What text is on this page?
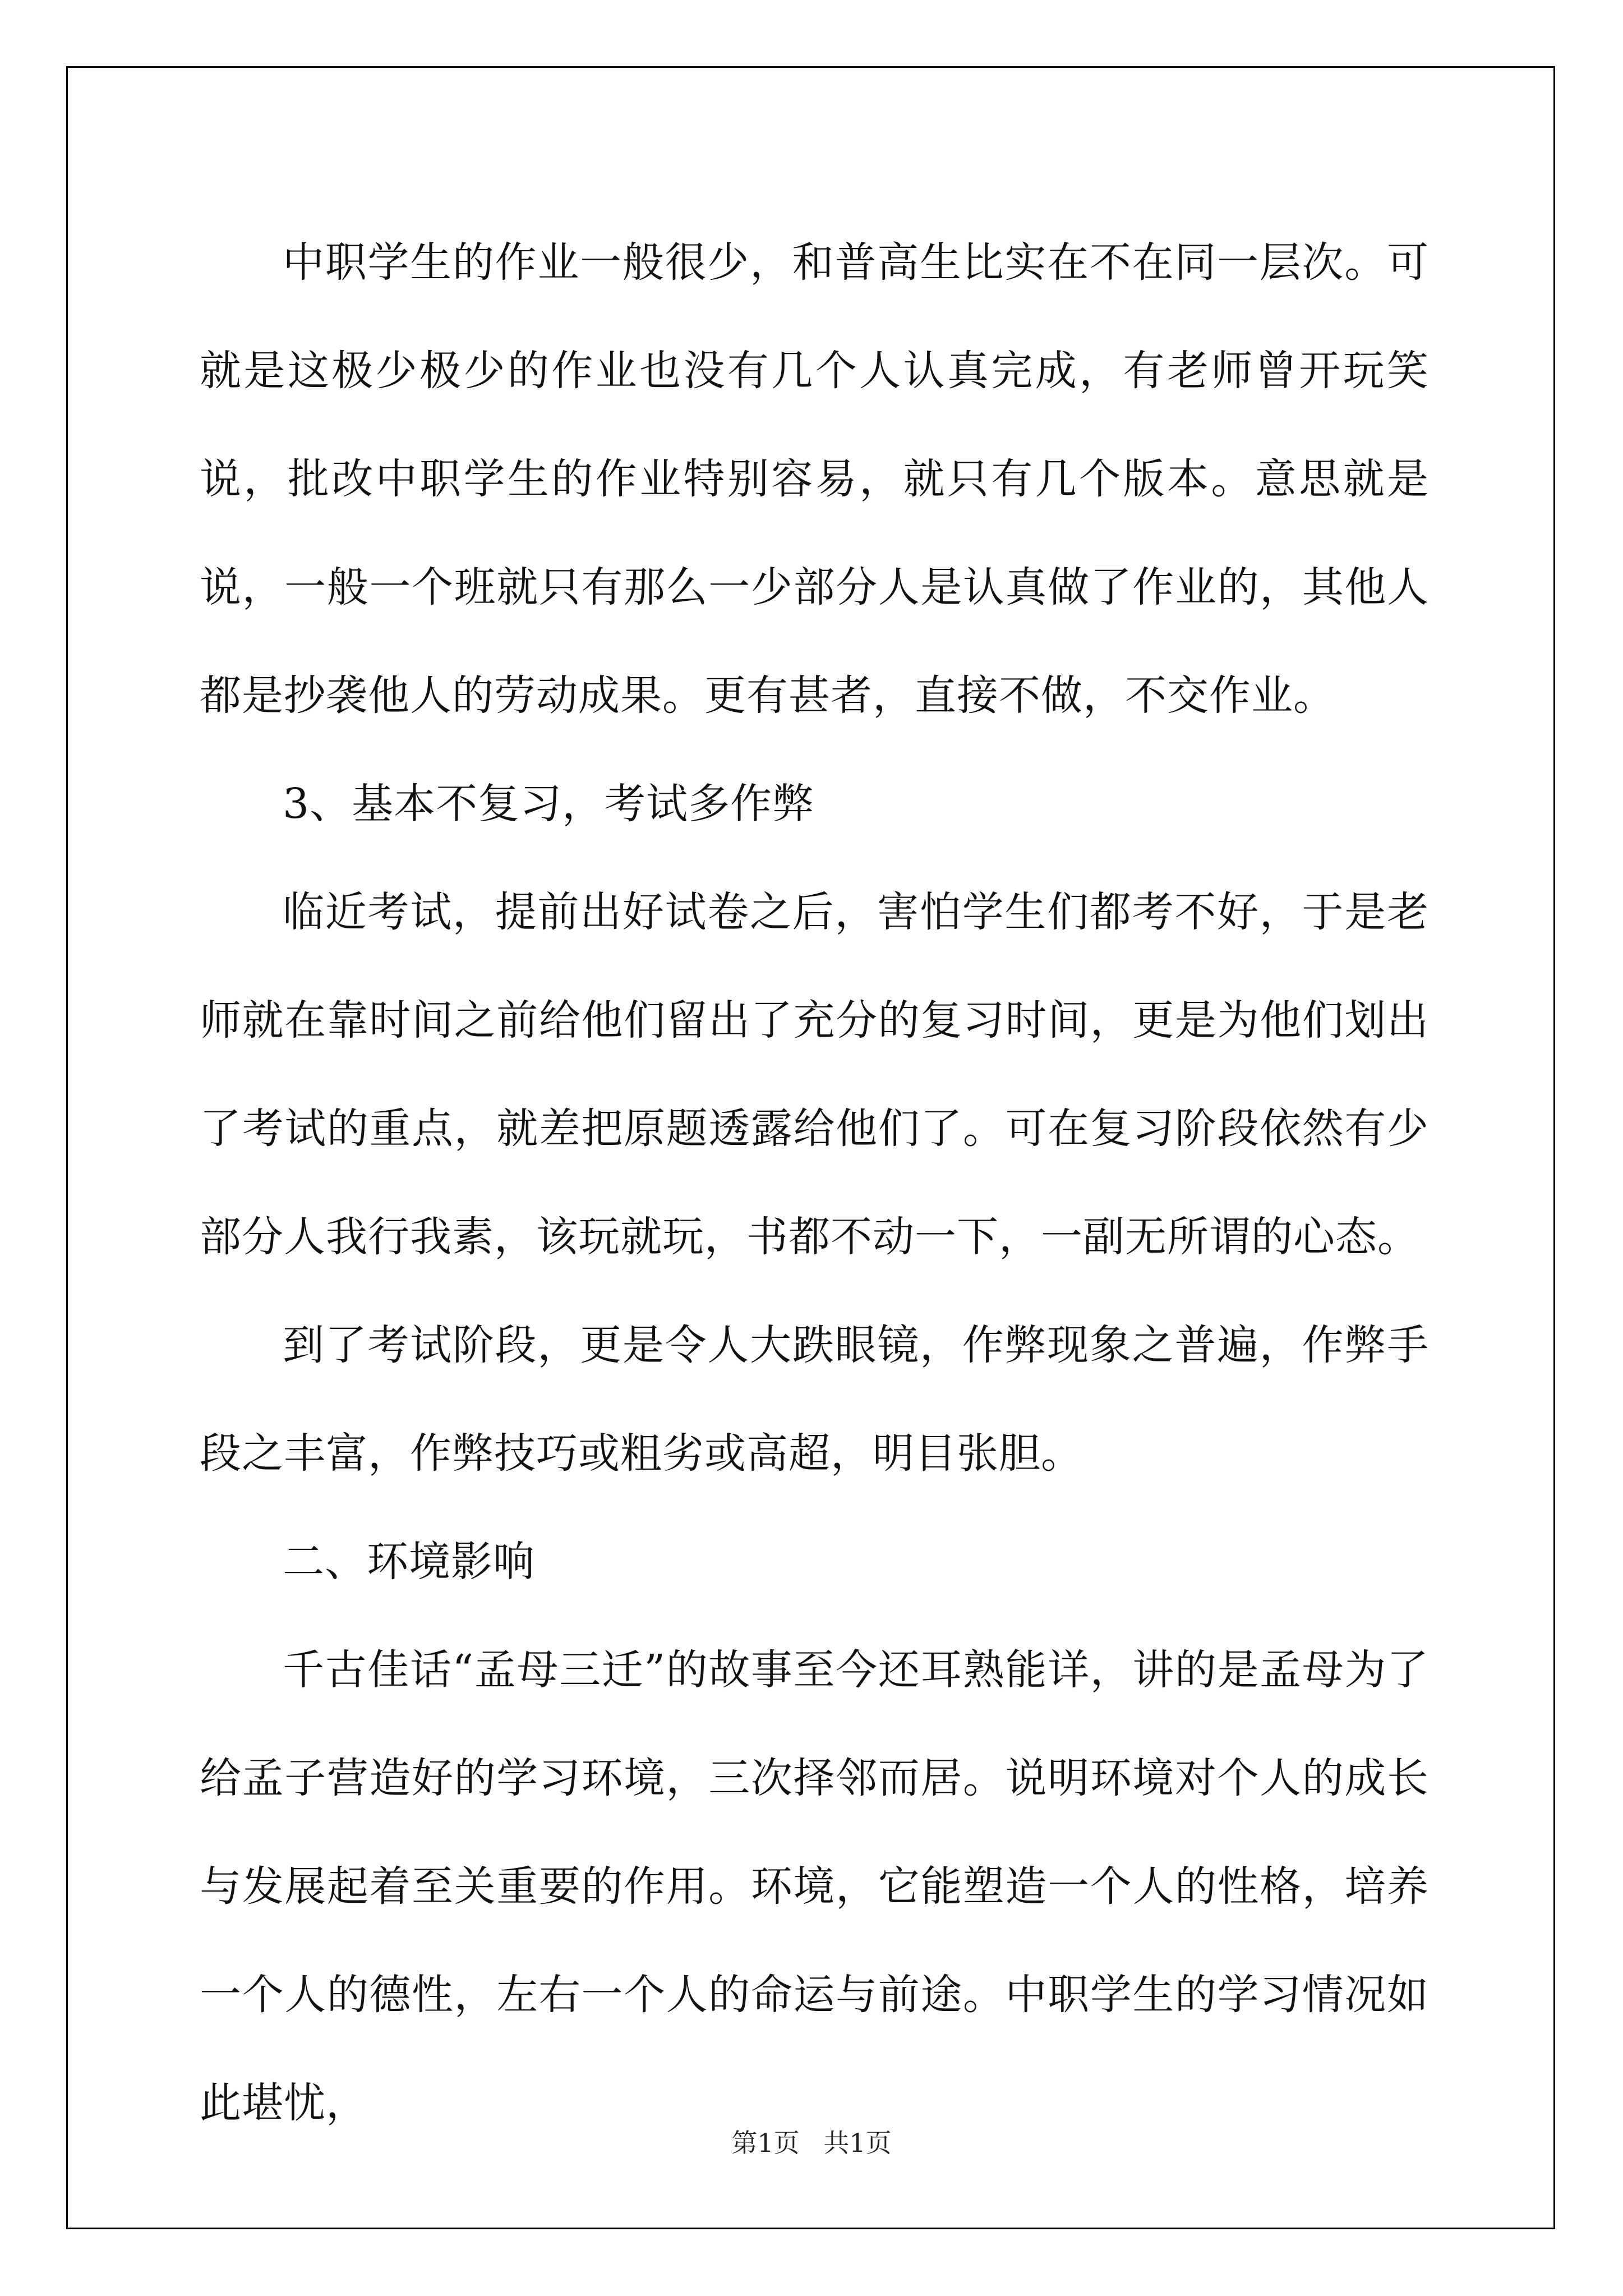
中职学生的作业一般很少，和普高生比实在不在同一层次。可就是这极少极少的作业也没有几个人认真完成，有老师曾开玩笑说，批改中职学生的作业特别容易，就只有几个版本。意思就是说，一般一个班就只有那么一少部分人是认真做了作业的，其他人都是抄袭他人的劳动成果。更有甚者，直接不做，不交作业。

3、基本不复习，考试多作弊

临近考试，提前出好试卷之后，害怕学生们都考不好，于是老师就在靠时间之前给他们留出了充分的复习时间，更是为他们划出了考试的重点，就差把原题透露给他们了。可在复习阶段依然有少部分人我行我素，该玩就玩，书都不动一下，一副无所谓的心态。

到了考试阶段，更是令人大跌眼镜，作弊现象之普遍，作弊手段之丰富，作弊技巧或粗劣或高超，明目张胆。

二、环境影响

千古佳话“孟母三迁”的故事至今还耳熟能详，讲的是孟母为了给孟子营造好的学习环境，三次择邻而居。说明环境对个人的成长与发展起着至关重要的作用。环境，它能塑造一个人的性格，培养一个人的德性，左右一个人的命运与前途。中职学生的学习情况如此堪忧，

第1页 共1页
